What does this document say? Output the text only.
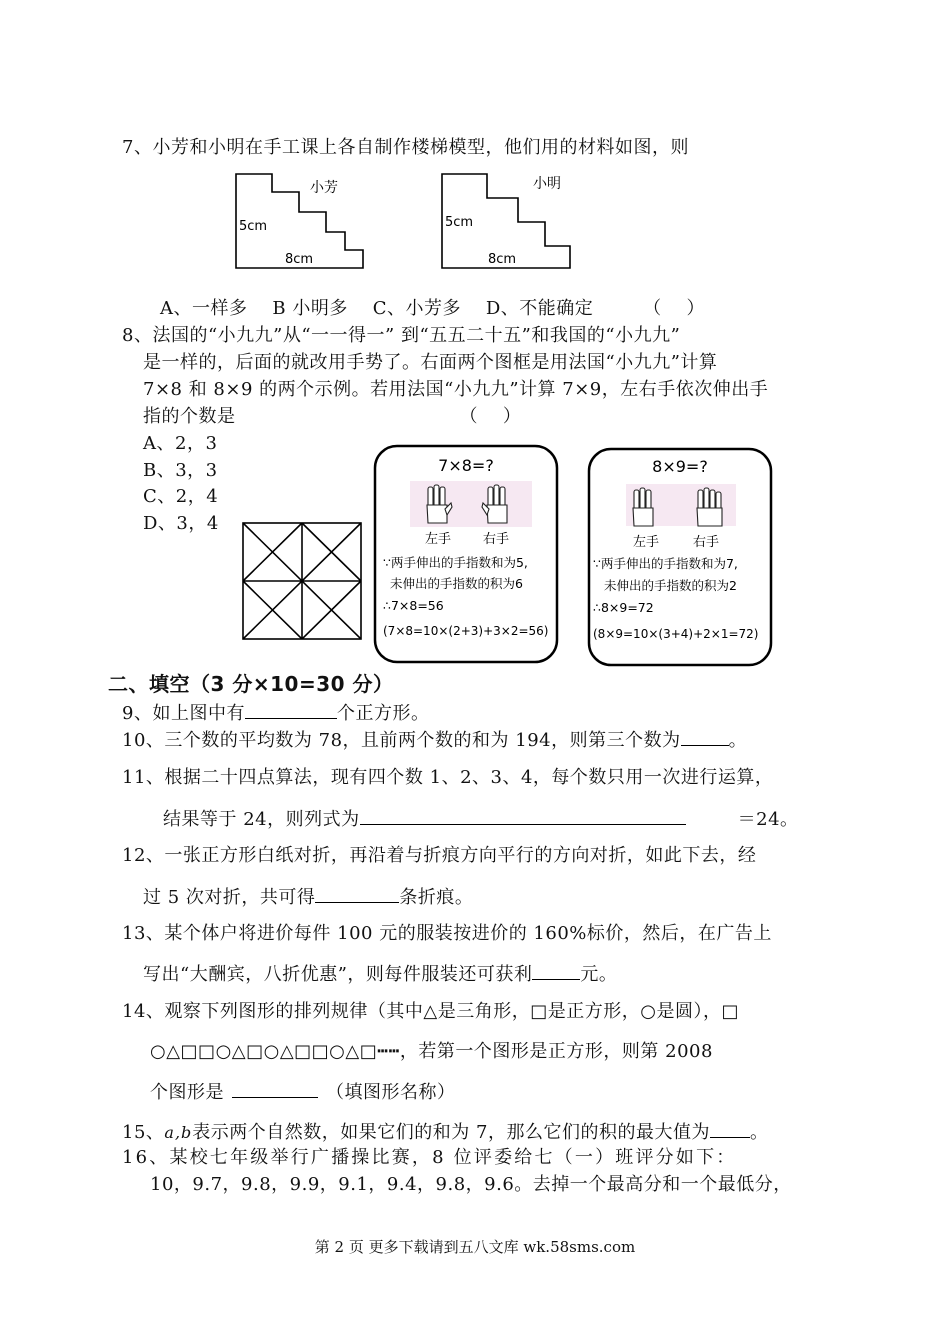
7、小芳和小明在手工课上各自制作楼梯模型，他们用的材料如图，则
小芳
5cm
8cm
小明
5cm
8cm
A、一样多    B 小明多    C、小芳多    D、不能确定        （    ）
8、法国的“小九九”从“一一得一” 到“五五二十五”和我国的“小九九”
是一样的，后面的就改用手势了。右面两个图框是用法国“小九九”计算
7×8 和 8×9 的两个示例。若用法国“小九九”计算 7×9，左右手依次伸出手
指的个数是                                    （    ）
A、2，3
B、3，3
C、2，4
D、3，4
7×8=?
左手 右手
∵两手伸出的手指数和为5,
未伸出的手指数的积为6
∴7×8=56
(7×8=10×(2+3)+3×2=56)
8×9=?
左手	右手
∵两手伸出的手指数和为7,
未伸出的手指数的积为2
∴8×9=72
(8×9=10×(3+4)+2×1=72)
二、填空（3 分×10=30 分）
9、如上图中有	个正方形。
10、三个数的平均数为 78，且前两个数的和为 194，则第三个数为	。
11、根据二十四点算法，现有四个数 1、2、3、4，每个数只用一次进行运算，
结果等于 24，则列式为	＝24。
12、一张正方形白纸对折，再沿着与折痕方向平行的方向对折，如此下去，经
过 5 次对折，共可得	条折痕。
13、某个体户将进价每件 100 元的服装按进价的 160%标价，然后，在广告上
写出“大酬宾，八折优惠”，则每件服装还可获利	元。
14、观察下列图形的排列规律（其中△是三角形，□是正方形，○是圆），□
○△□□○△□○△□□○△□┅┅，若第一个图形是正方形，则第 2008
个图形是	（填图形名称）
15、a,b表示两个自然数，如果它们的和为 7，那么它们的积的最大值为 。
16、某校七年级举行广播操比赛，8 位评委给七（一）班评分如下：
10，9.7，9.8，9.9，9.1，9.4，9.8，9.6。去掉一个最高分和一个最低分，
第 2 页 更多下载请到五八文库 wk.58sms.com
